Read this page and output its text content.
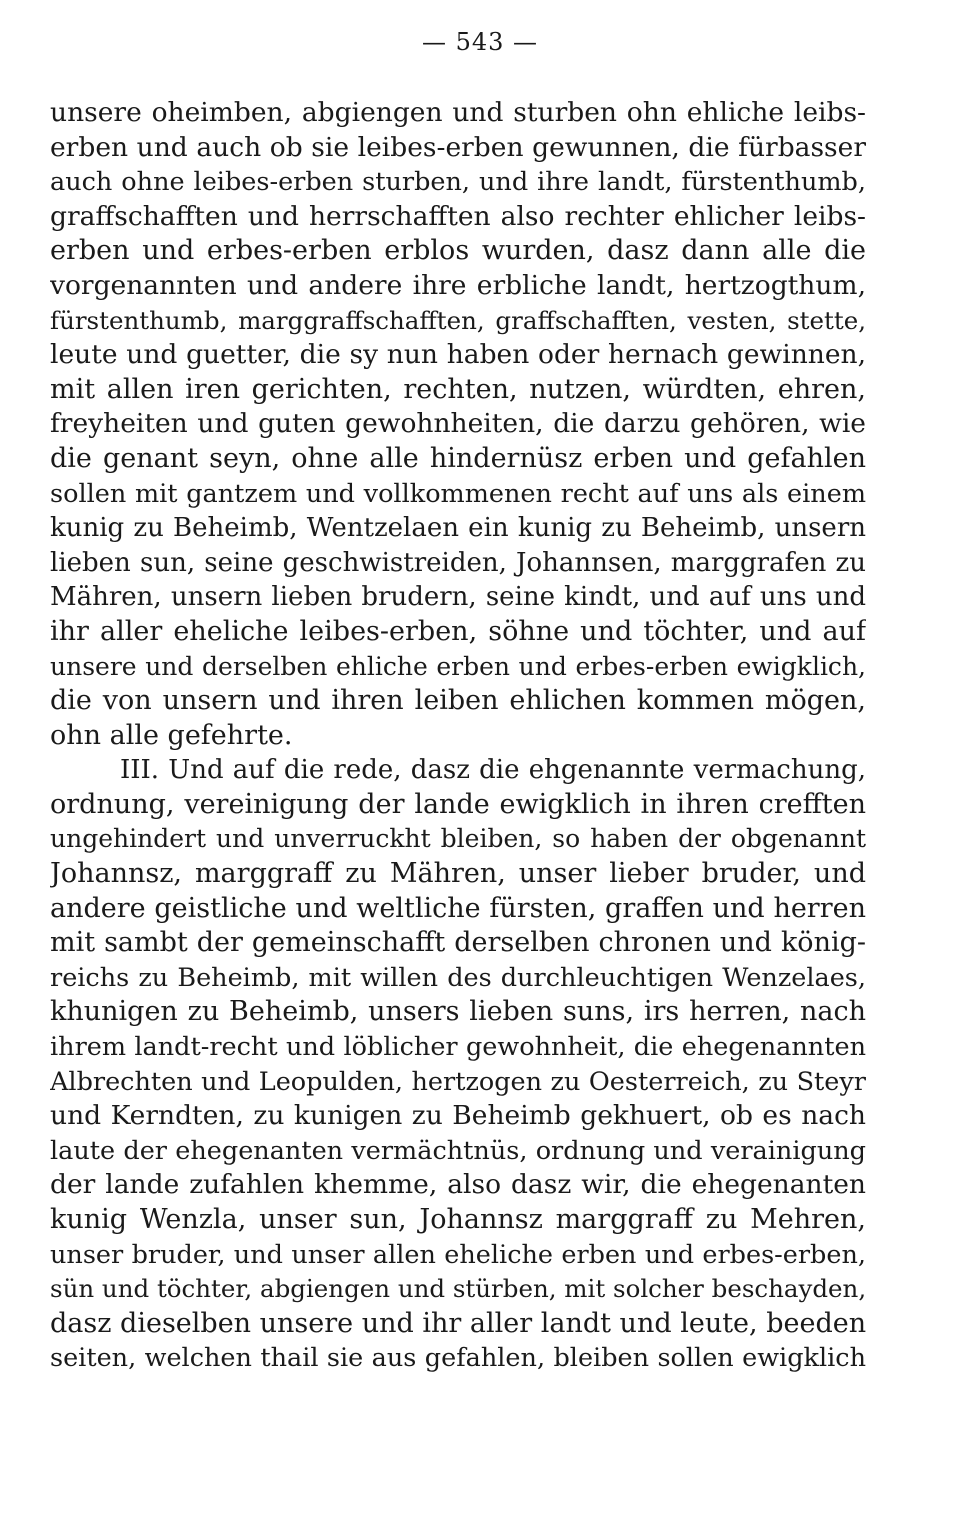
— 543 —
unsere oheimben, abgiengen und sturben ohn ehliche leibs-
erben und auch ob sie leibes-erben gewunnen, die fürbasser
auch ohne leibes-erben sturben, und ihre landt, fürstenthumb,
graffschafften und herrschafften also rechter ehlicher leibs-
erben und erbes-erben erblos wurden, dasz dann alle die
vorgenannten und andere ihre erbliche landt, hertzogthum,
fürstenthumb, marggraffschafften, graffschafften, vesten, stette,
leute und guetter, die sy nun haben oder hernach gewinnen,
mit allen iren gerichten, rechten, nutzen, würdten, ehren,
freyheiten und guten gewohnheiten, die darzu gehören, wie
die genant seyn, ohne alle hindernüsz erben und gefahlen
sollen mit gantzem und vollkommenen recht auf uns als einem
kunig zu Beheimb, Wentzelaen ein kunig zu Beheimb, unsern
lieben sun, seine geschwistreiden, Johannsen, marggrafen zu
Mähren, unsern lieben brudern, seine kindt, und auf uns und
ihr aller eheliche leibes-erben, söhne und töchter, und auf
unsere und derselben ehliche erben und erbes-erben ewigklich,
die von unsern und ihren leiben ehlichen kommen mögen,
ohn alle gefehrte.
III. Und auf die rede, dasz die ehgenannte vermachung,
ordnung, vereinigung der lande ewigklich in ihren crefften
ungehindert und unverruckht bleiben, so haben der obgenannt
Johannsz, marggraff zu Mähren, unser lieber bruder, und
andere geistliche und weltliche fürsten, graffen und herren
mit sambt der gemeinschafft derselben chronen und könig-
reichs zu Beheimb, mit willen des durchleuchtigen Wenzelaes,
khunigen zu Beheimb, unsers lieben suns, irs herren, nach
ihrem landt-recht und löblicher gewohnheit, die ehegenannten
Albrechten und Leopulden, hertzogen zu Oesterreich, zu Steyr
und Kerndten, zu kunigen zu Beheimb gekhuert, ob es nach
laute der ehegenanten vermächtnüs, ordnung und verainigung
der lande zufahlen khemme, also dasz wir, die ehegenanten
kunig Wenzla, unser sun, Johannsz marggraff zu Mehren,
unser bruder, und unser allen eheliche erben und erbes-erben,
sün und töchter, abgiengen und stürben, mit solcher beschayden,
dasz dieselben unsere und ihr aller landt und leute, beeden
seiten, welchen thail sie aus gefahlen, bleiben sollen ewigklich
